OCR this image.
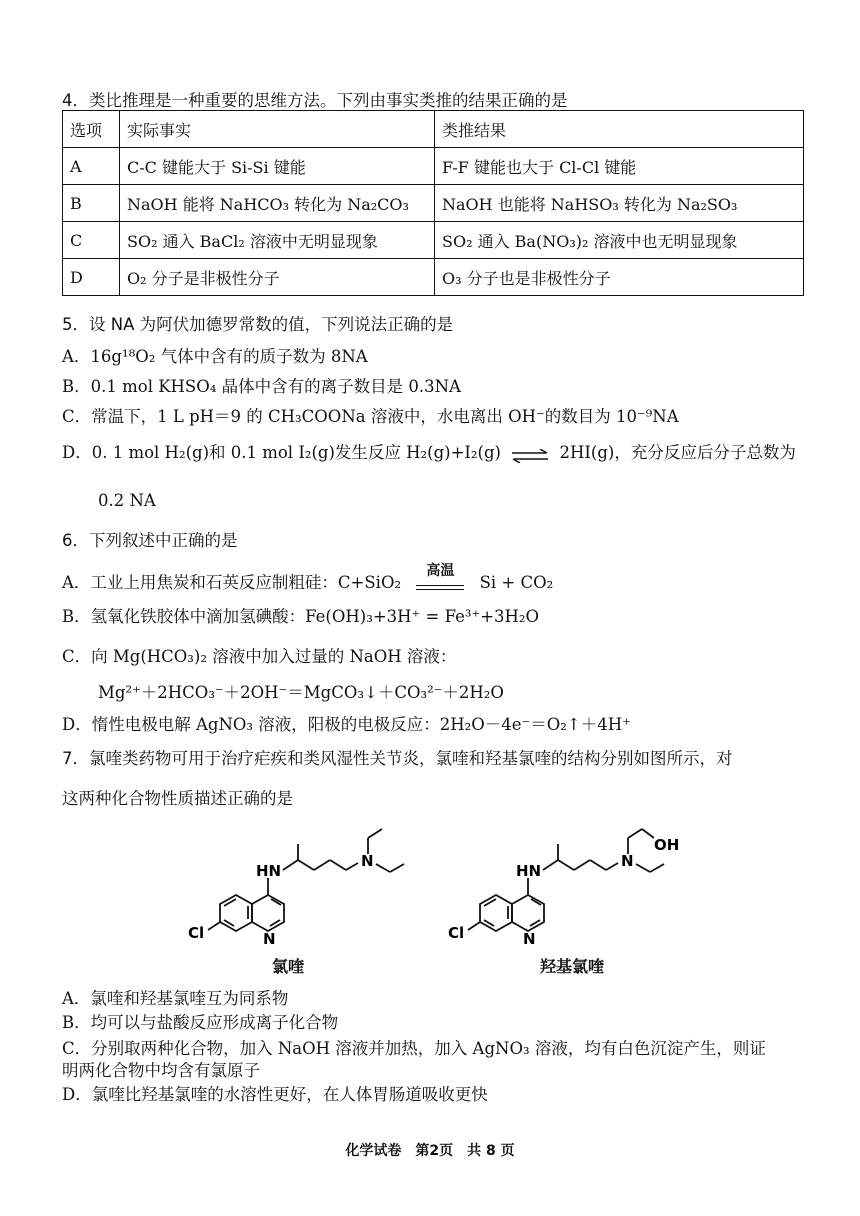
4．类比推理是一种重要的思维方法。下列由事实类推的结果正确的是
选项	实际事实	类推结果
A	C-C 键能大于 Si-Si 键能	F-F 键能也大于 Cl-Cl 键能
B	NaOH 能将 NaHCO₃ 转化为 Na₂CO₃	NaOH 也能将 NaHSO₃ 转化为 Na₂SO₃
C	SO₂ 通入 BaCl₂ 溶液中无明显现象	SO₂ 通入 Ba(NO₃)₂ 溶液中也无明显现象
D	O₂ 分子是非极性分子	O₃ 分子也是非极性分子
5．设 NA 为阿伏加德罗常数的值，下列说法正确的是
A．16g¹⁸O₂ 气体中含有的质子数为 8NA
B．0.1 mol KHSO₄ 晶体中含有的离子数目是 0.3NA
C．常温下，1 L pH＝9 的 CH₃COONa 溶液中，水电离出 OH⁻的数目为 10⁻⁹NA
D．0. 1 mol H₂(g)和 0.1 mol I₂(g)发生反应 H₂(g)+I₂(g) ⇌ 2HI(g)，充分反应后分子总数为
0.2 NA
6．下列叙述中正确的是
A．工业上用焦炭和石英反应制粗硅：C+SiO₂
高温
Si + CO₂
B．氢氧化铁胶体中滴加氢碘酸：Fe(OH)₃+3H⁺ = Fe³⁺+3H₂O
C．向 Mg(HCO₃)₂ 溶液中加入过量的 NaOH 溶液：
Mg²⁺＋2HCO₃⁻＋2OH⁻＝MgCO₃↓＋CO₃²⁻＋2H₂O
D．惰性电极电解 AgNO₃ 溶液，阳极的电极反应：2H₂O－4e⁻＝O₂↑＋4H⁺
7．氯喹类药物可用于治疗疟疾和类风湿性关节炎，氯喹和羟基氯喹的结构分别如图所示，对
这两种化合物性质描述正确的是
HN
N
N
Cl
氯喹
HN
N
OH
N
Cl
羟基氯喹
A．氯喹和羟基氯喹互为同系物
B．均可以与盐酸反应形成离子化合物
C．分别取两种化合物，加入 NaOH 溶液并加热，加入 AgNO₃ 溶液，均有白色沉淀产生，则证
明两化合物中均含有氯原子
D．氯喹比羟基氯喹的水溶性更好，在人体胃肠道吸收更快
化学试卷　第2页　共 8 页
